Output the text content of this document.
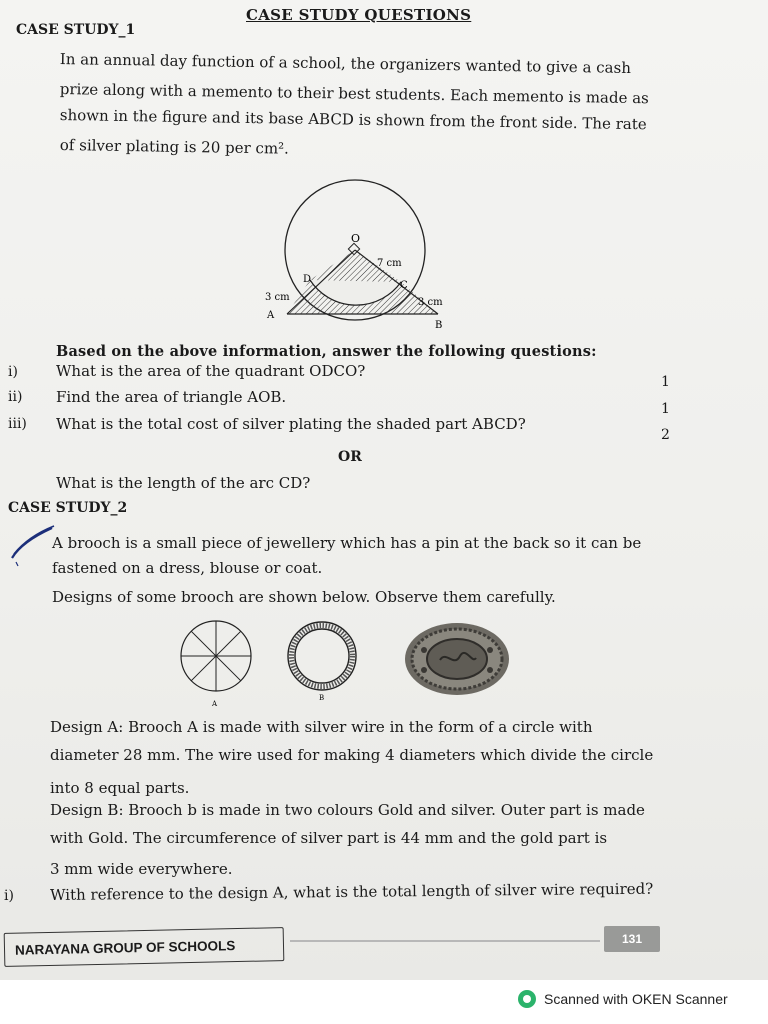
CASE STUDY QUESTIONS
CASE STUDY_1
In an annual day function of a school, the organizers wanted to give a cash
prize along with a memento to their best students. Each memento is made as
shown in the figure and its base ABCD is shown from the front side. The rate
of silver plating is 20 per cm².
O
7 cm
D
C
3 cm	3 cm
A
B
Based on the above information, answer the following questions:
i)	What is the area of the quadrant ODCO?
1
ii) Find the area of triangle AOB.
1
iii) What is the total cost of silver plating the shaded part ABCD?
2
OR
What is the length of the arc CD?
CASE STUDY_2
A brooch is a small piece of jewellery which has a pin at the back so it can be
fastened on a dress, blouse or coat.
Designs of some brooch are shown below. Observe them carefully.
A
B
Design A: Brooch A is made with silver wire in the form of a circle with
diameter 28 mm. The wire used for making 4 diameters which divide the circle
into 8 equal parts.
Design B: Brooch b is made in two colours Gold and silver. Outer part is made
with Gold. The circumference of silver part is 44 mm and the gold part is
3 mm wide everywhere.
i) With reference to the design A, what is the total length of silver wire required?
NARAYANA GROUP OF SCHOOLS	131
Scanned with OKEN Scanner
